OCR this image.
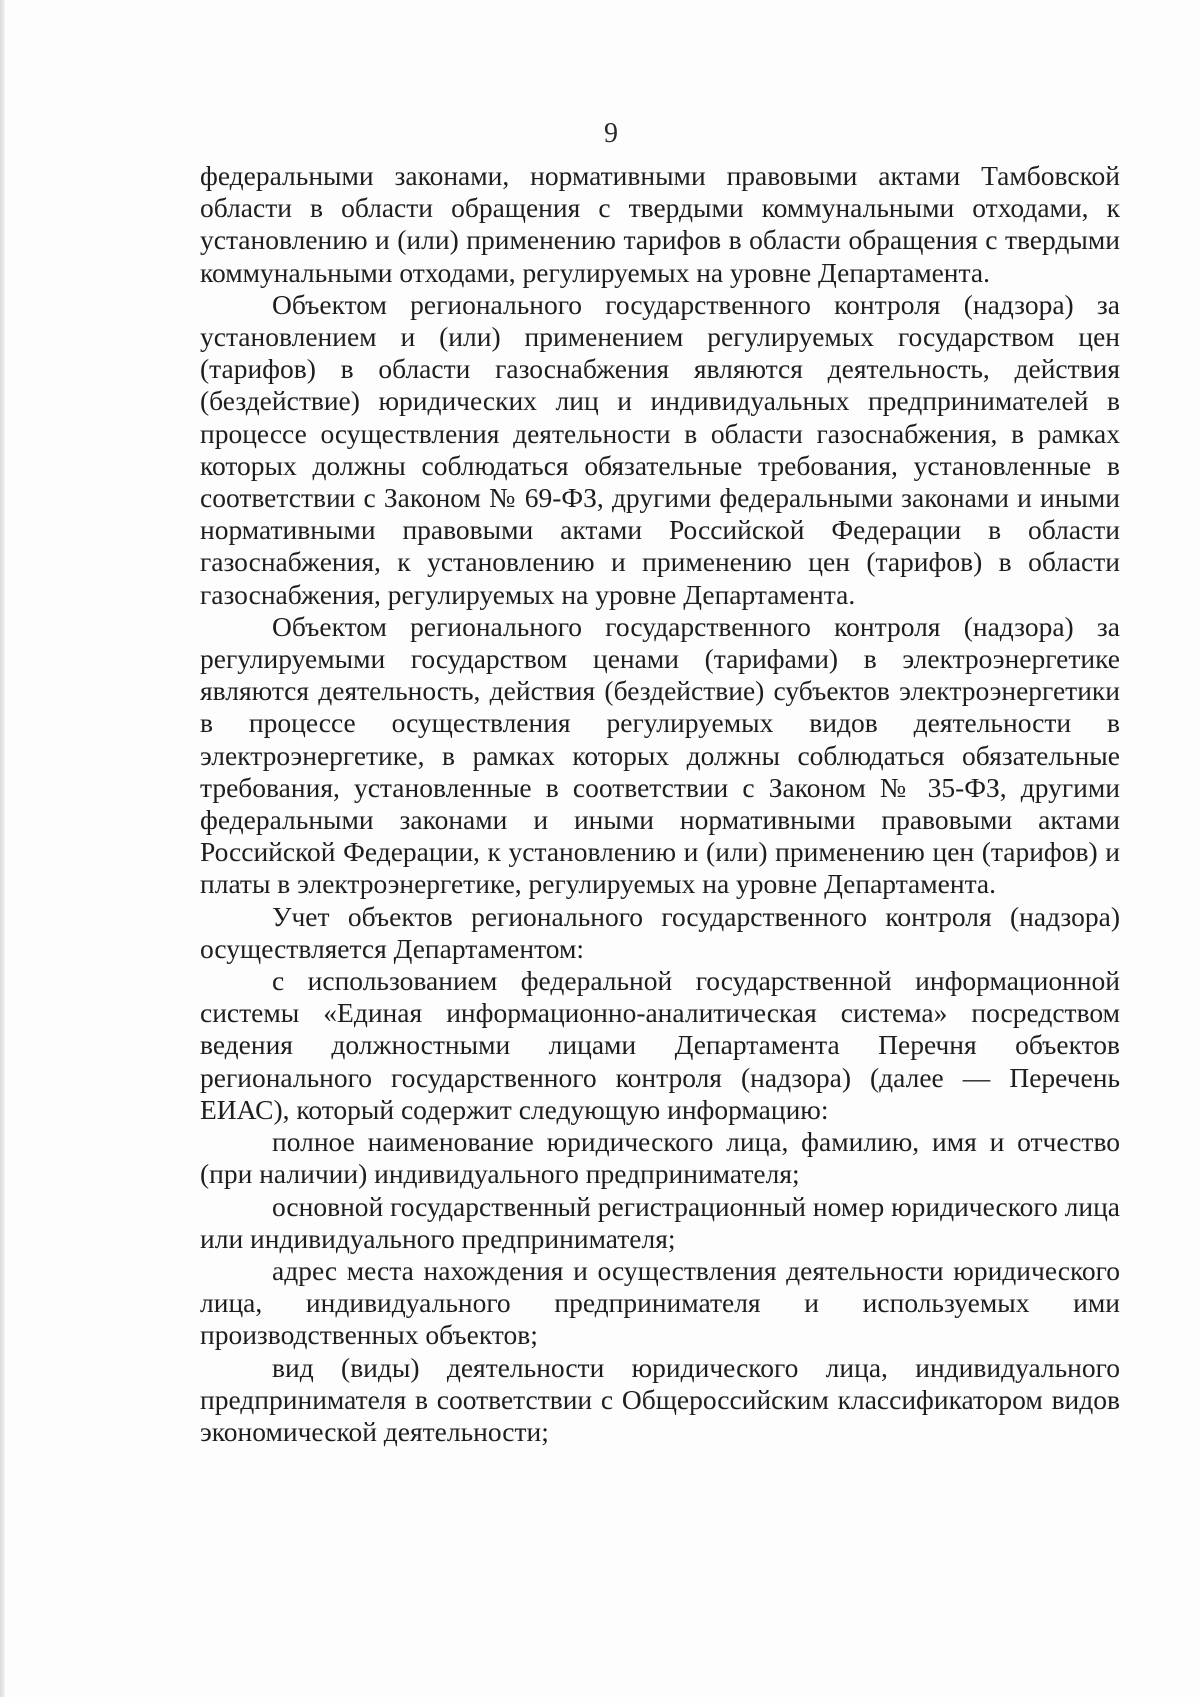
9

федеральными законами, нормативными правовыми актами Тамбовской области в области обращения с твердыми коммунальными отходами, к установлению и (или) применению тарифов в области обращения с твердыми коммунальными отходами, регулируемых на уровне Департамента.

Объектом регионального государственного контроля (надзора) за установлением и (или) применением регулируемых государством цен (тарифов) в области газоснабжения являются деятельность, действия (бездействие) юридических лиц и индивидуальных предпринимателей в процессе осуществления деятельности в области газоснабжения, в рамках которых должны соблюдаться обязательные требования, установленные в соответствии с Законом № 69-ФЗ, другими федеральными законами и иными нормативными правовыми актами Российской Федерации в области газоснабжения, к установлению и применению цен (тарифов) в области газоснабжения, регулируемых на уровне Департамента.

Объектом регионального государственного контроля (надзора) за регулируемыми государством ценами (тарифами) в электроэнергетике являются деятельность, действия (бездействие) субъектов электроэнергетики в процессе осуществления регулируемых видов деятельности в электроэнергетике, в рамках которых должны соблюдаться обязательные требования, установленные в соответствии с Законом № 35-ФЗ, другими федеральными законами и иными нормативными правовыми актами Российской Федерации, к установлению и (или) применению цен (тарифов) и платы в электроэнергетике, регулируемых на уровне Департамента.

Учет объектов регионального государственного контроля (надзора) осуществляется Департаментом:

с использованием федеральной государственной информационной системы «Единая информационно-аналитическая система» посредством ведения должностными лицами Департамента Перечня объектов регионального государственного контроля (надзора) (далее — Перечень ЕИАС), который содержит следующую информацию:

полное наименование юридического лица, фамилию, имя и отчество (при наличии) индивидуального предпринимателя;

основной государственный регистрационный номер юридического лица или индивидуального предпринимателя;

адрес места нахождения и осуществления деятельности юридического лица, индивидуального предпринимателя и используемых ими производственных объектов;

вид (виды) деятельности юридического лица, индивидуального предпринимателя в соответствии с Общероссийским классификатором видов экономической деятельности;
